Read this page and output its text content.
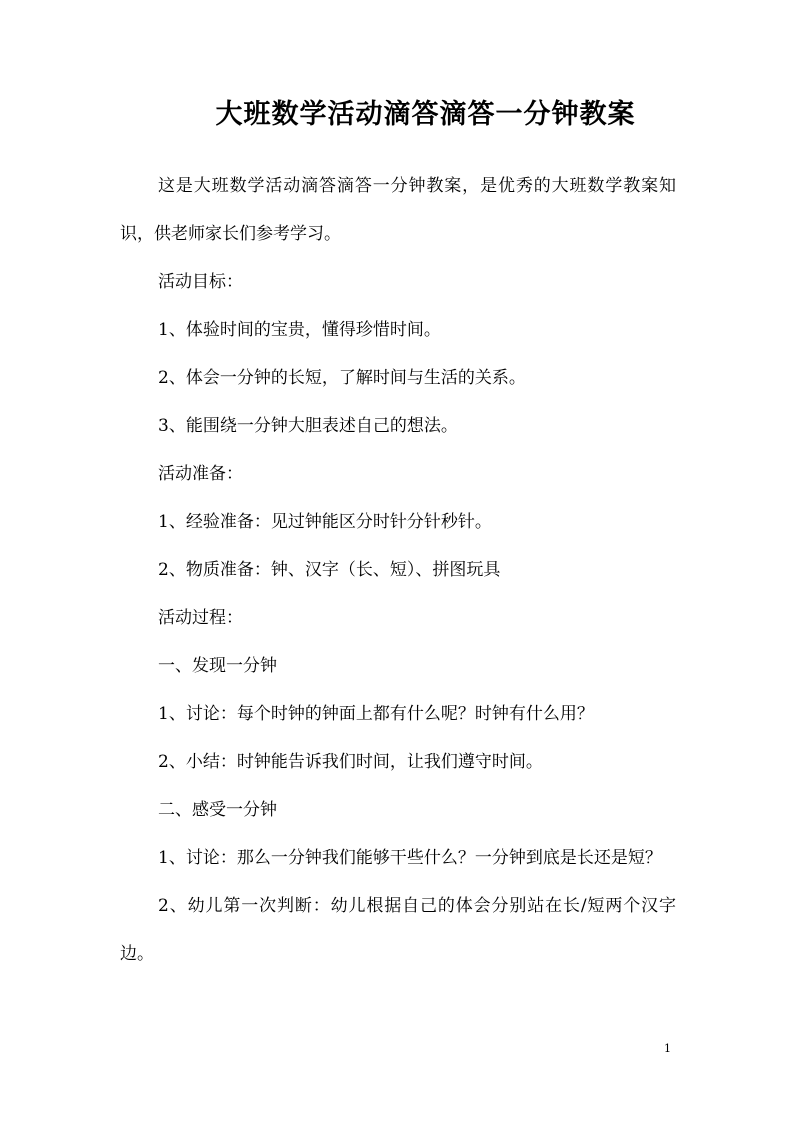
大班数学活动滴答滴答一分钟教案

这是大班数学活动滴答滴答一分钟教案，是优秀的大班数学教案知识，供老师家长们参考学习。

活动目标：

1、体验时间的宝贵，懂得珍惜时间。

2、体会一分钟的长短，了解时间与生活的关系。

3、能围绕一分钟大胆表述自己的想法。

活动准备：

1、经验准备：见过钟能区分时针分针秒针。

2、物质准备：钟、汉字（长、短）、拼图玩具

活动过程：

一、发现一分钟

1、讨论：每个时钟的钟面上都有什么呢？时钟有什么用？

2、小结：时钟能告诉我们时间，让我们遵守时间。

二、感受一分钟

1、讨论：那么一分钟我们能够干些什么？一分钟到底是长还是短？

2、幼儿第一次判断：幼儿根据自己的体会分别站在长/短两个汉字边。

1
